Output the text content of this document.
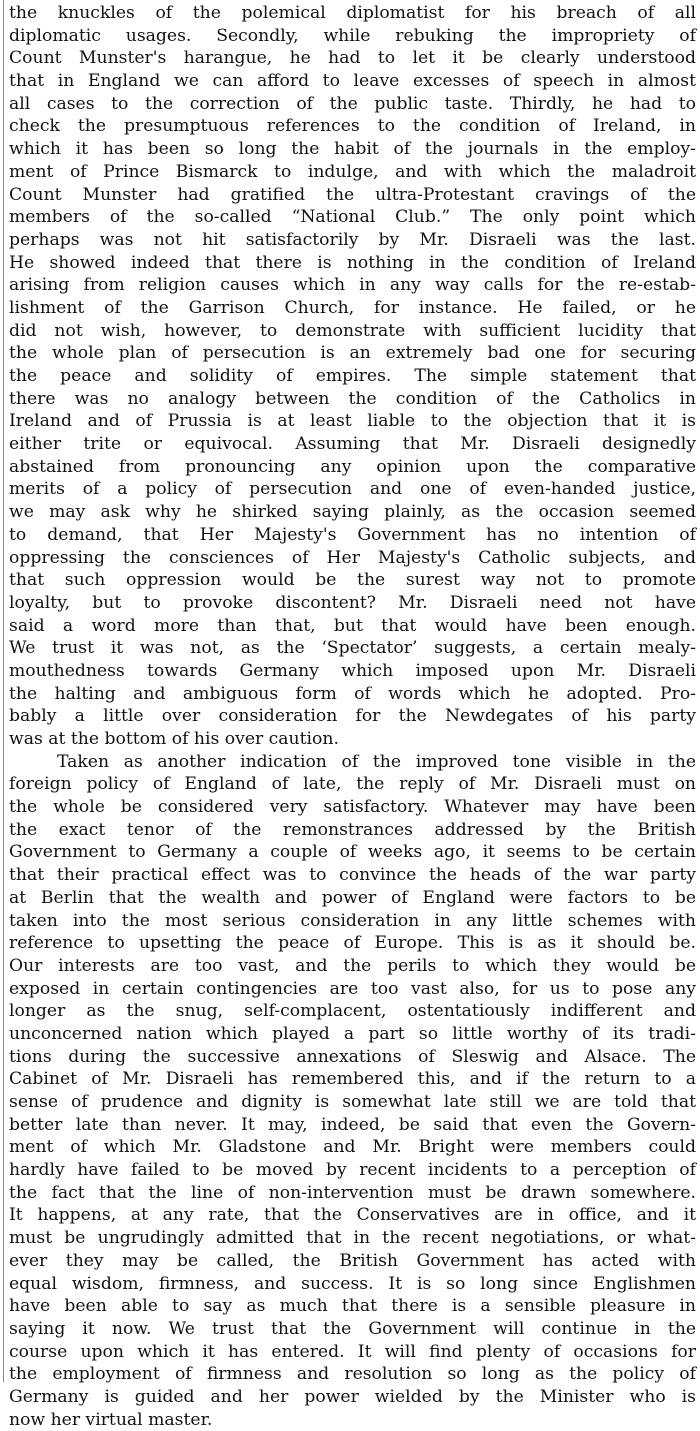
the knuckles of the polemical diplomatist for his breach of all
diplomatic usages. Secondly, while rebuking the impropriety of
Count Munster's harangue, he had to let it be clearly understood
that in England we can afford to leave excesses of speech in almost
all cases to the correction of the public taste. Thirdly, he had to
check the presumptuous references to the condition of Ireland, in
which it has been so long the habit of the journals in the employ-
ment of Prince Bismarck to indulge, and with which the maladroit
Count Munster had gratified the ultra-Protestant cravings of the
members of the so-called “National Club.” The only point which
perhaps was not hit satisfactorily by Mr. Disraeli was the last.
He showed indeed that there is nothing in the condition of Ireland
arising from religion causes which in any way calls for the re-estab-
lishment of the Garrison Church, for instance. He failed, or he
did not wish, however, to demonstrate with sufficient lucidity that
the whole plan of persecution is an extremely bad one for securing
the peace and solidity of empires. The simple statement that
there was no analogy between the condition of the Catholics in
Ireland and of Prussia is at least liable to the objection that it is
either trite or equivocal. Assuming that Mr. Disraeli designedly
abstained from pronouncing any opinion upon the comparative
merits of a policy of persecution and one of even-handed justice,
we may ask why he shirked saying plainly, as the occasion seemed
to demand, that Her Majesty's Government has no intention of
oppressing the consciences of Her Majesty's Catholic subjects, and
that such oppression would be the surest way not to promote
loyalty, but to provoke discontent? Mr. Disraeli need not have
said a word more than that, but that would have been enough.
We trust it was not, as the ‘Spectator’ suggests, a certain mealy-
mouthedness towards Germany which imposed upon Mr. Disraeli
the halting and ambiguous form of words which he adopted. Pro-
bably a little over consideration for the Newdegates of his party
was at the bottom of his over caution.
Taken as another indication of the improved tone visible in the
foreign policy of England of late, the reply of Mr. Disraeli must on
the whole be considered very satisfactory. Whatever may have been
the exact tenor of the remonstrances addressed by the British
Government to Germany a couple of weeks ago, it seems to be certain
that their practical effect was to convince the heads of the war party
at Berlin that the wealth and power of England were factors to be
taken into the most serious consideration in any little schemes with
reference to upsetting the peace of Europe. This is as it should be.
Our interests are too vast, and the perils to which they would be
exposed in certain contingencies are too vast also, for us to pose any
longer as the snug, self-complacent, ostentatiously indifferent and
unconcerned nation which played a part so little worthy of its tradi-
tions during the successive annexations of Sleswig and Alsace. The
Cabinet of Mr. Disraeli has remembered this, and if the return to a
sense of prudence and dignity is somewhat late still we are told that
better late than never. It may, indeed, be said that even the Govern-
ment of which Mr. Gladstone and Mr. Bright were members could
hardly have failed to be moved by recent incidents to a perception of
the fact that the line of non-intervention must be drawn somewhere.
It happens, at any rate, that the Conservatives are in office, and it
must be ungrudingly admitted that in the recent negotiations, or what-
ever they may be called, the British Government has acted with
equal wisdom, firmness, and success. It is so long since Englishmen
have been able to say as much that there is a sensible pleasure in
saying it now. We trust that the Government will continue in the
course upon which it has entered. It will find plenty of occasions for
the employment of firmness and resolution so long as the policy of
Germany is guided and her power wielded by the Minister who is
now her virtual master.
